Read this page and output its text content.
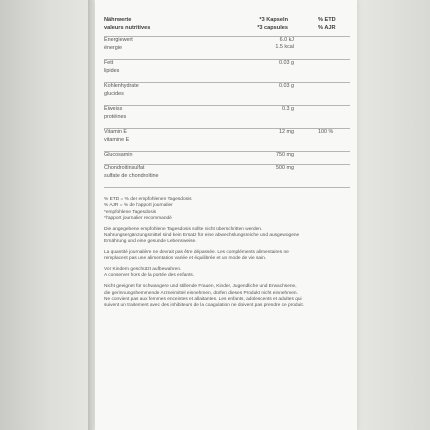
Nährwerte
valeurs nutritives
*3 Kapseln
*3 capsules
% ETD
% AJR
Energiewert
énergie
6.0 kJ
1.5 kcal
Fett
lipides
0.03 g
Kohlenhydrate
glucides
0.03 g
Eiweiss
protéines
0.3 g
Vitamin E
vitamine E
12 mg	100 %
Glucosamin	750 mg
Chondroitinsulfat
sulfate de chondroïtine
500 mg

% ETD = % der empfohlenen Tagesdosis
% AJR = % de l'apport journalier
*empfohlene Tagesdosis
*l'apport journalier recommandé

Die angegebene empfohlene Tagesdosis sollte nicht überschritten werden. Nahrungsergänzungsmittel sind kein Ersatz für eine abwechslungsreiche und ausgewogene Ernährung und eine gesunde Lebensweise.

La quantité journalière ne devrait pas être dépassée. Les compléments alimentaires ne remplacent pas une alimentation variée et équilibrée et un mode de vie sain.

Vor Kindern geschützt aufbewahren.
A conserver hors de la portée des enfants.

Nicht geeignet für schwangere und stillende Frauen, Kinder, Jugendliche und Erwachsene, die gerinnungshemmende Arzneimittel einnehmen, dürfen dieses Produkt nicht einnehmen.

Ne convient pas aux femmes enceintes et allaitantes. Les enfants, adolescents et adultes qui suivent un traitement avec des inhibiteurs de la coagulation ne doivent pas prendre ce produit.
